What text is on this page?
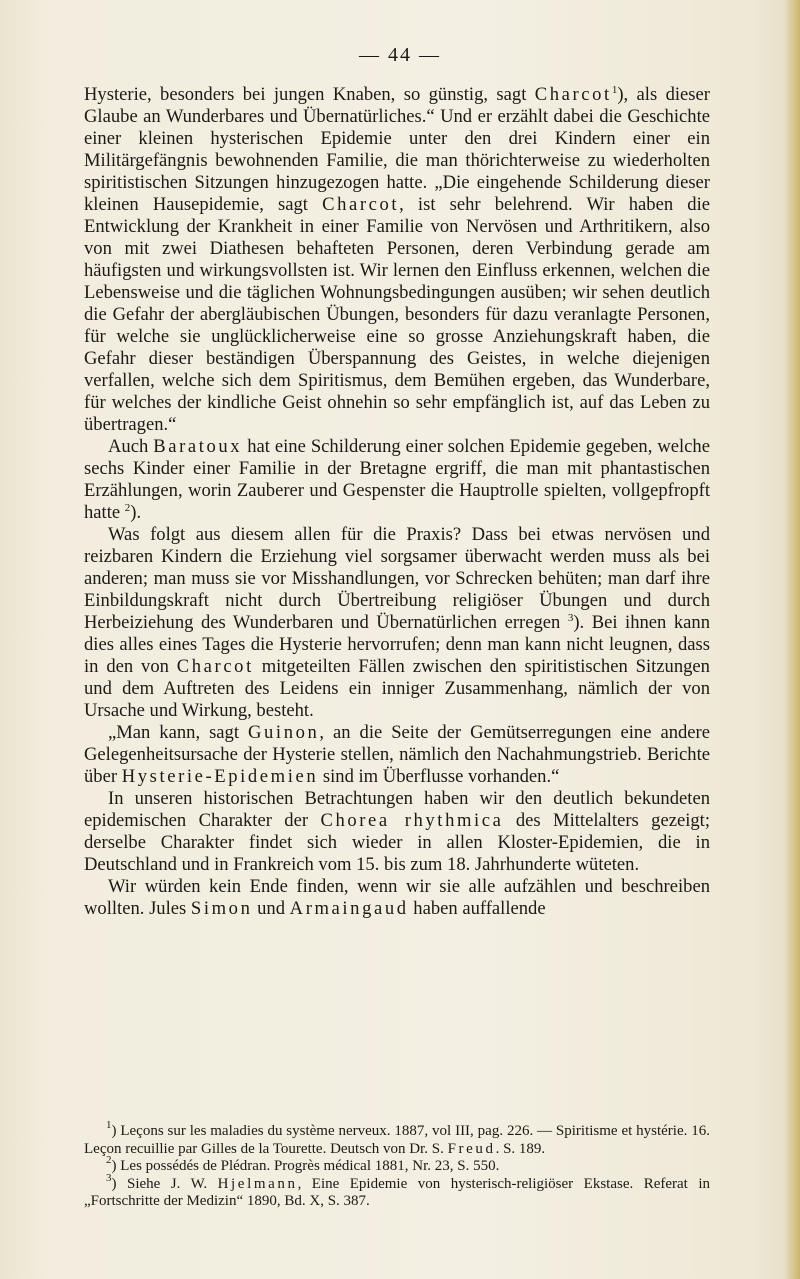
— 44 —

Hysterie, besonders bei jungen Knaben, so günstig, sagt Charcot$^1$), als dieser Glaube an Wunderbares und Übernatürliches.“ Und er erzählt dabei die Geschichte einer kleinen hysterischen Epidemie unter den drei Kindern einer ein Militärgefängnis bewohnenden Familie, die man thörichterweise zu wiederholten spiritistischen Sitzungen hinzugezogen hatte. „Die eingehende Schilderung dieser kleinen Hausepidemie, sagt Charcot, ist sehr belehrend. Wir haben die Entwicklung der Krankheit in einer Familie von Nervösen und Arthritikern, also von mit zwei Diathesen behafteten Personen, deren Verbindung gerade am häufigsten und wirkungsvollsten ist. Wir lernen den Einfluss erkennen, welchen die Lebensweise und die täglichen Wohnungsbedingungen ausüben; wir sehen deutlich die Gefahr der abergläubischen Übungen, besonders für dazu veranlagte Personen, für welche sie unglücklicherweise eine so grosse Anziehungskraft haben, die Gefahr dieser beständigen Überspannung des Geistes, in welche diejenigen verfallen, welche sich dem Spiritismus, dem Bemühen ergeben, das Wunderbare, für welches der kindliche Geist ohnehin so sehr empfänglich ist, auf das Leben zu übertragen.“

Auch Baratoux hat eine Schilderung einer solchen Epidemie gegeben, welche sechs Kinder einer Familie in der Bretagne ergriff, die man mit phantastischen Erzählungen, worin Zauberer und Gespenster die Hauptrolle spielten, vollgepfropft hatte $^2$).

Was folgt aus diesem allen für die Praxis? Dass bei etwas nervösen und reizbaren Kindern die Erziehung viel sorgsamer überwacht werden muss als bei anderen; man muss sie vor Misshandlungen, vor Schrecken behüten; man darf ihre Einbildungskraft nicht durch Übertreibung religiöser Übungen und durch Herbeiziehung des Wunderbaren und Übernatürlichen erregen $^3$). Bei ihnen kann dies alles eines Tages die Hysterie hervorrufen; denn man kann nicht leugnen, dass in den von Charcot mitgeteilten Fällen zwischen den spiritistischen Sitzungen und dem Auftreten des Leidens ein inniger Zusammenhang, nämlich der von Ursache und Wirkung, besteht.

„Man kann, sagt Guinon, an die Seite der Gemütserregungen eine andere Gelegenheitsursache der Hysterie stellen, nämlich den Nachahmungstrieb. Berichte über Hysterie-Epidemien sind im Überflusse vorhanden.“

In unseren historischen Betrachtungen haben wir den deutlich bekundeten epidemischen Charakter der Chorea rhythmica des Mittelalters gezeigt; derselbe Charakter findet sich wieder in allen Kloster-Epidemien, die in Deutschland und in Frankreich vom 15. bis zum 18. Jahrhunderte wüteten.

Wir würden kein Ende finden, wenn wir sie alle aufzählen und beschreiben wollten. Jules Simon und Armaingaud haben auffallende

$^1$) Leçons sur les maladies du système nerveux. 1887, vol III, pag. 226. — Spiritisme et hystérie. 16. Leçon recuillie par Gilles de la Tourette. Deutsch von Dr. S. Freud. S. 189.

$^2$) Les possédés de Plédran. Progrès médical 1881, Nr. 23, S. 550.

$^3$) Siehe J. W. Hjelmann, Eine Epidemie von hysterisch-religiöser Ekstase. Referat in „Fortschritte der Medizin“ 1890, Bd. X, S. 387.
